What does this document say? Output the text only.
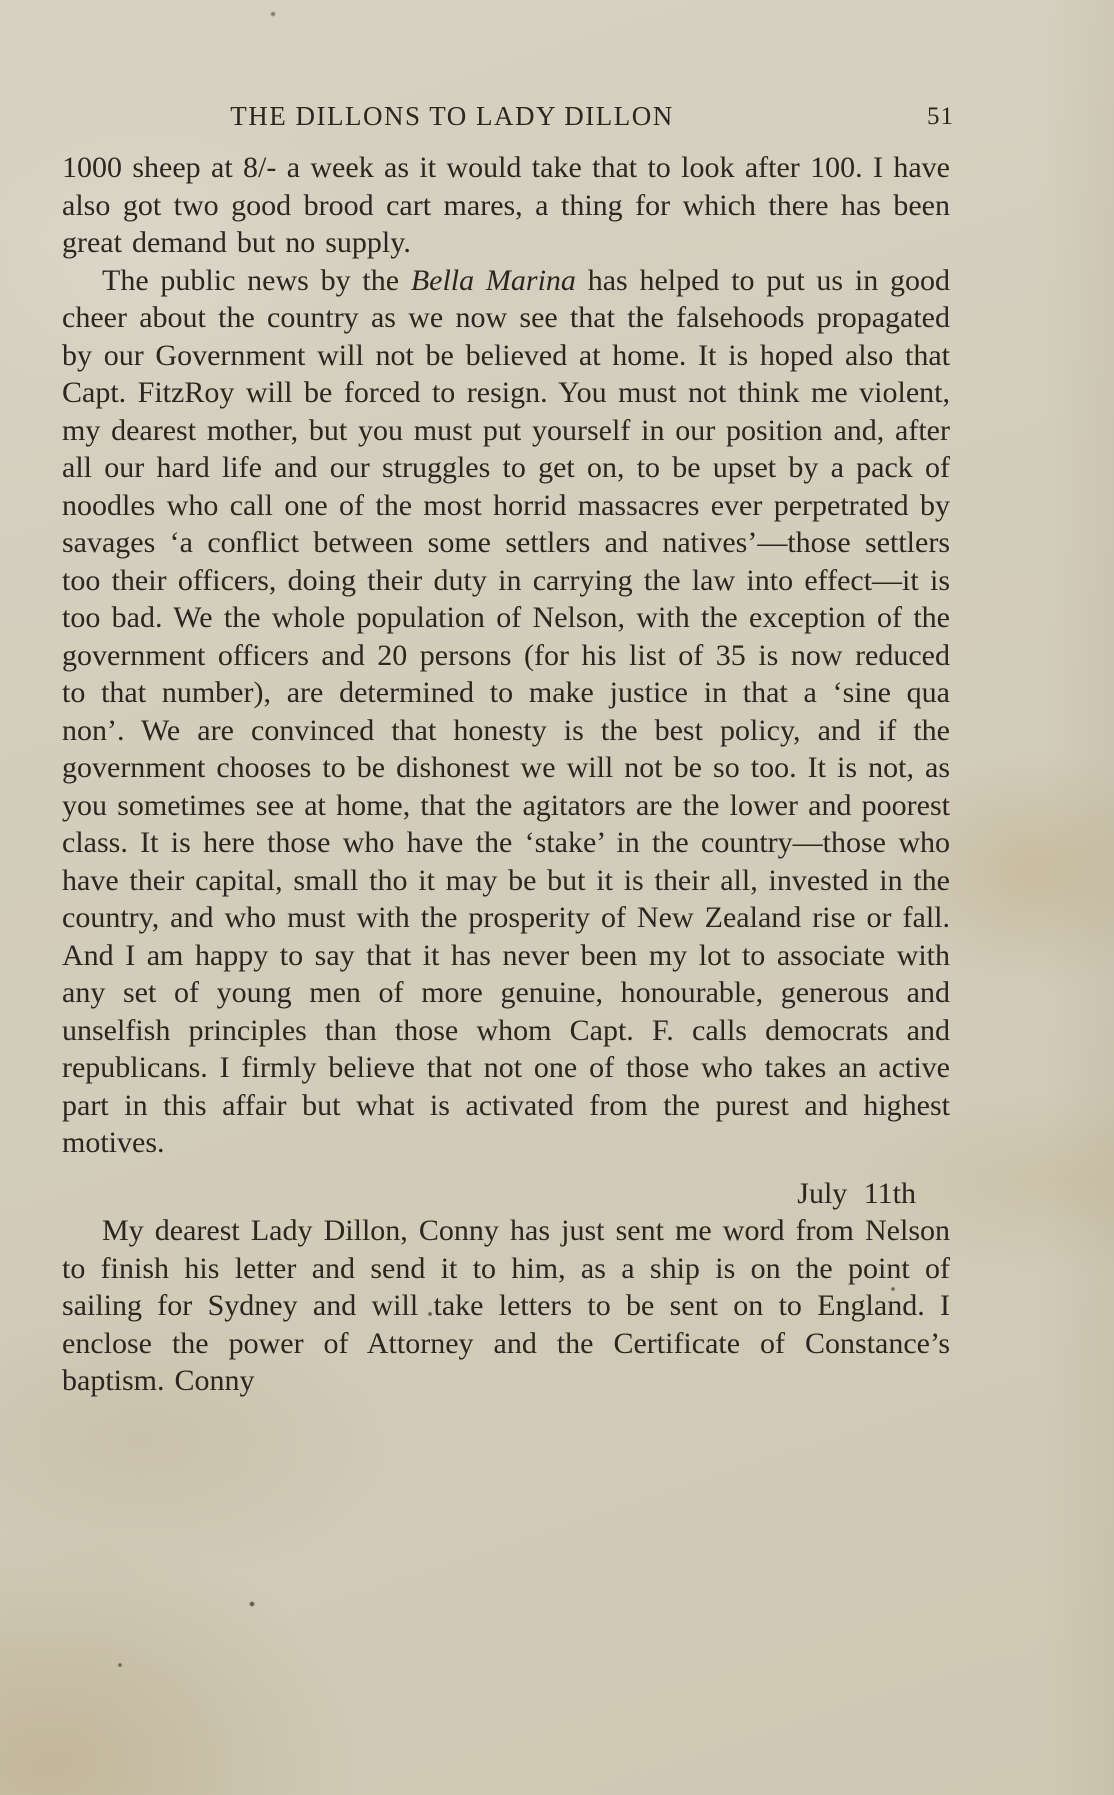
THE DILLONS TO LADY DILLON	51

1000 sheep at 8/- a week as it would take that to look after 100. I have also got two good brood cart mares, a thing for which there has been great demand but no supply.

The public news by the Bella Marina has helped to put us in good cheer about the country as we now see that the falsehoods propagated by our Government will not be believed at home. It is hoped also that Capt. FitzRoy will be forced to resign. You must not think me violent, my dearest mother, but you must put yourself in our position and, after all our hard life and our struggles to get on, to be upset by a pack of noodles who call one of the most horrid massacres ever perpetrated by savages ‘a conflict between some settlers and natives’—those settlers too their officers, doing their duty in carrying the law into effect—it is too bad. We the whole population of Nelson, with the exception of the government officers and 20 persons (for his list of 35 is now reduced to that number), are determined to make justice in that a ‘sine qua non’. We are convinced that honesty is the best policy, and if the government chooses to be dishonest we will not be so too. It is not, as you sometimes see at home, that the agitators are the lower and poorest class. It is here those who have the ‘stake’ in the country—those who have their capital, small tho it may be but it is their all, invested in the country, and who must with the prosperity of New Zealand rise or fall. And I am happy to say that it has never been my lot to associate with any set of young men of more genuine, honourable, generous and unselfish principles than those whom Capt. F. calls democrats and republicans. I firmly believe that not one of those who takes an active part in this affair but what is activated from the purest and highest motives.

July 11th

My dearest Lady Dillon, Conny has just sent me word from Nelson to finish his letter and send it to him, as a ship is on the point of sailing for Sydney and will take letters to be sent on to England. I enclose the power of Attorney and the Certificate of Constance’s baptism. Conny
